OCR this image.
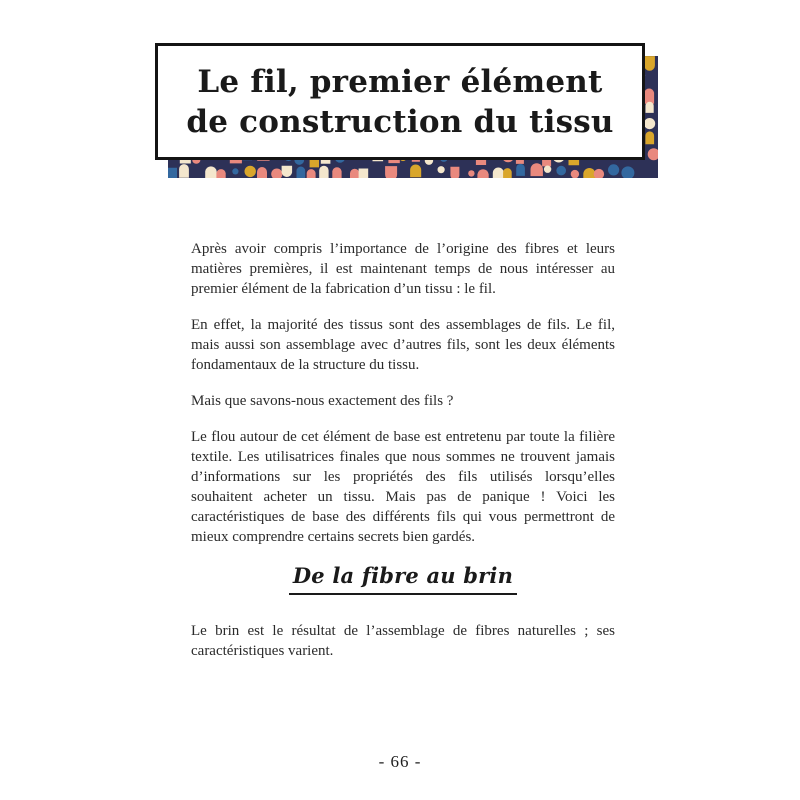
Le fil, premier élément
de construction du tissu

Après avoir compris l’importance de l’origine des fibres et leurs matières premières, il est maintenant temps de nous intéresser au premier élément de la fabrication d’un tissu : le fil.

En effet, la majorité des tissus sont des assemblages de fils. Le fil, mais aussi son assemblage avec d’autres fils, sont les deux éléments fondamentaux de la structure du tissu.

Mais que savons-nous exactement des fils ?

Le flou autour de cet élément de base est entretenu par toute la filière textile. Les utilisatrices finales que nous sommes ne trouvent jamais d’informations sur les propriétés des fils utilisés lorsqu’elles souhaitent acheter un tissu. Mais pas de panique ! Voici les caractéristiques de base des différents fils qui vous permettront de mieux comprendre certains secrets bien gardés.

De la fibre au brin

Le brin est le résultat de l’assemblage de fibres naturelles ; ses caractéristiques varient.

- 66 -
